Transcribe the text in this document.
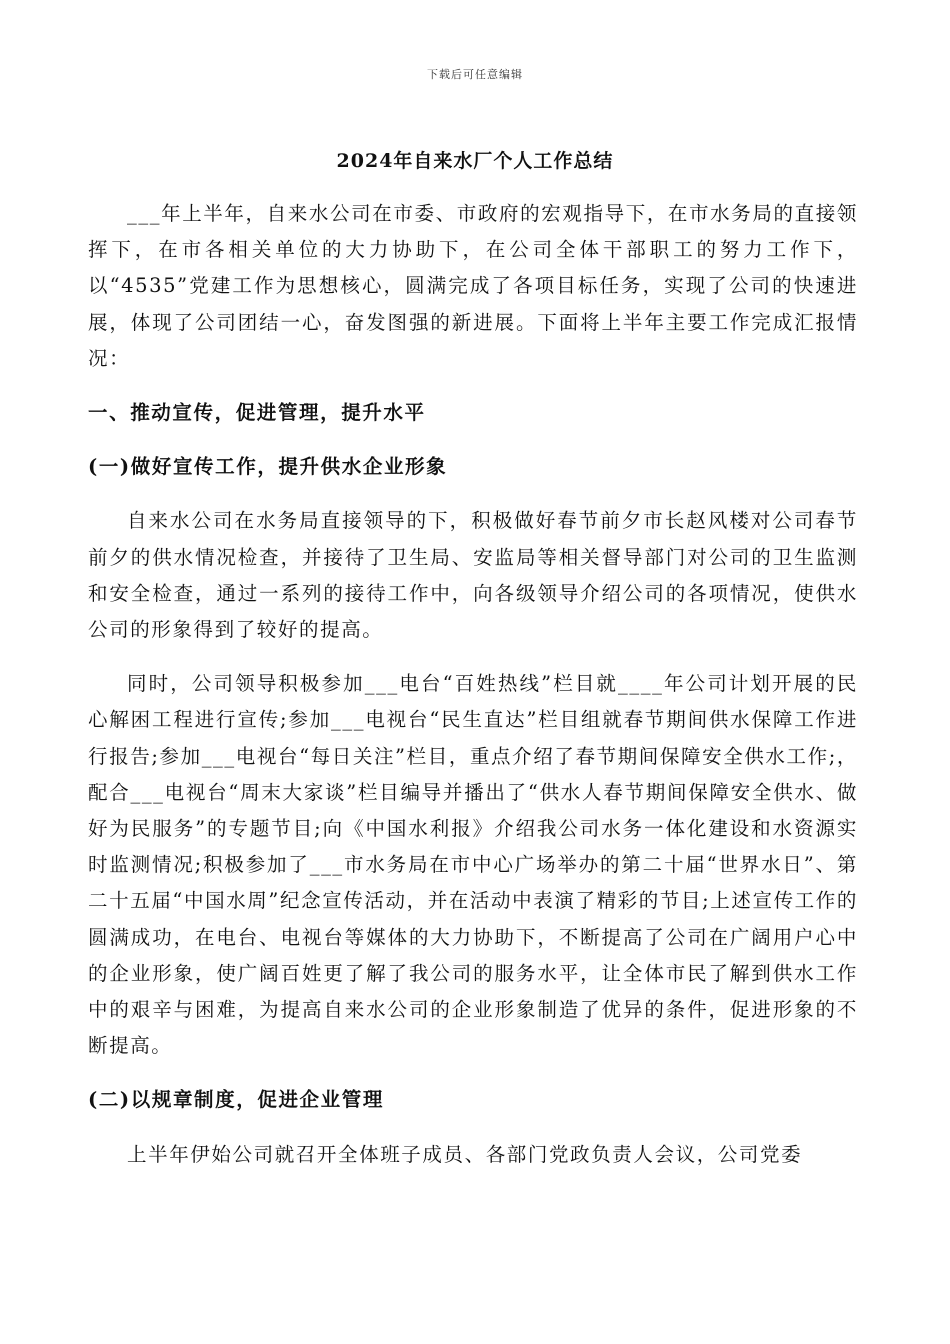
下载后可任意编辑
2024年自来水厂个人工作总结

___年上半年，自来水公司在市委、市政府的宏观指导下，在市水务局的直接领挥下，在市各相关单位的大力协助下，在公司全体干部职工的努力工作下，以“4535”党建工作为思想核心，圆满完成了各项目标任务，实现了公司的快速进展，体现了公司团结一心，奋发图强的新进展。下面将上半年主要工作完成汇报情况：

一、推动宣传，促进管理，提升水平
(一)做好宣传工作，提升供水企业形象

自来水公司在水务局直接领导的下，积极做好春节前夕市长赵风楼对公司春节前夕的供水情况检查，并接待了卫生局、安监局等相关督导部门对公司的卫生监测和安全检查，通过一系列的接待工作中，向各级领导介绍公司的各项情况，使供水公司的形象得到了较好的提高。

同时，公司领导积极参加___电台“百姓热线”栏目就____年公司计划开展的民心解困工程进行宣传;参加___电视台“民生直达”栏目组就春节期间供水保障工作进行报告;参加___电视台“每日关注”栏目，重点介绍了春节期间保障安全供水工作;，配合___电视台“周末大家谈”栏目编导并播出了“供水人春节期间保障安全供水、做好为民服务”的专题节目;向《中国水利报》介绍我公司水务一体化建设和水资源实时监测情况;积极参加了___市水务局在市中心广场举办的第二十届“世界水日”、第二十五届“中国水周”纪念宣传活动，并在活动中表演了精彩的节目;上述宣传工作的圆满成功，在电台、电视台等媒体的大力协助下，不断提高了公司在广阔用户心中的企业形象，使广阔百姓更了解了我公司的服务水平，让全体市民了解到供水工作中的艰辛与困难，为提高自来水公司的企业形象制造了优异的条件，促进形象的不断提高。

(二)以规章制度，促进企业管理

上半年伊始公司就召开全体班子成员、各部门党政负责人会议，公司党委
